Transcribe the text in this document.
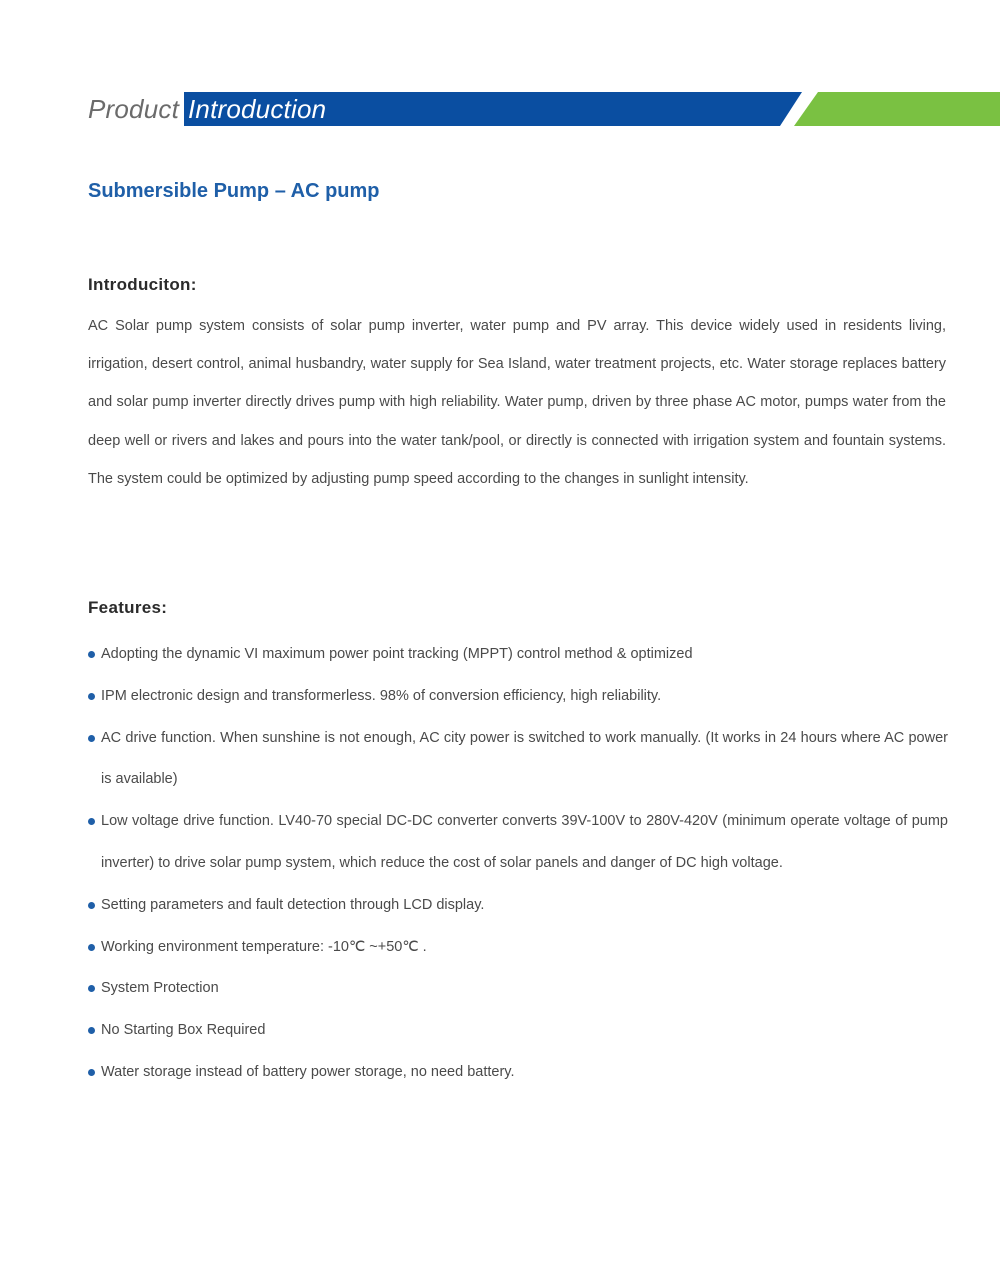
Product Introduction
Submersible Pump – AC pump
Introduciton:
AC Solar pump system consists of solar pump inverter, water pump and PV array. This device widely used in residents living, irrigation, desert control, animal husbandry, water supply for Sea Island, water treatment projects, etc. Water storage replaces battery and solar pump inverter directly drives pump with high reliability. Water pump, driven by three phase AC motor, pumps water from the deep well or rivers and lakes and pours into the water tank/pool, or directly is connected with irrigation system and fountain systems. The system could be optimized by adjusting pump speed according to the changes in sunlight intensity.
Features:
Adopting the dynamic VI maximum power point tracking (MPPT) control method & optimized
IPM electronic design and transformerless. 98% of conversion efficiency, high reliability.
AC drive function. When sunshine is not enough, AC city power is switched to work manually. (It works in 24 hours where AC power is available)
Low voltage drive function. LV40-70 special DC-DC converter converts 39V-100V to 280V-420V (minimum operate voltage of pump inverter) to drive solar pump system, which reduce the cost of solar panels and danger of DC high voltage.
Setting parameters and fault detection through LCD display.
Working environment temperature: -10℃ ~+50℃ .
System Protection
No Starting Box Required
Water storage instead of battery power storage, no need battery.
